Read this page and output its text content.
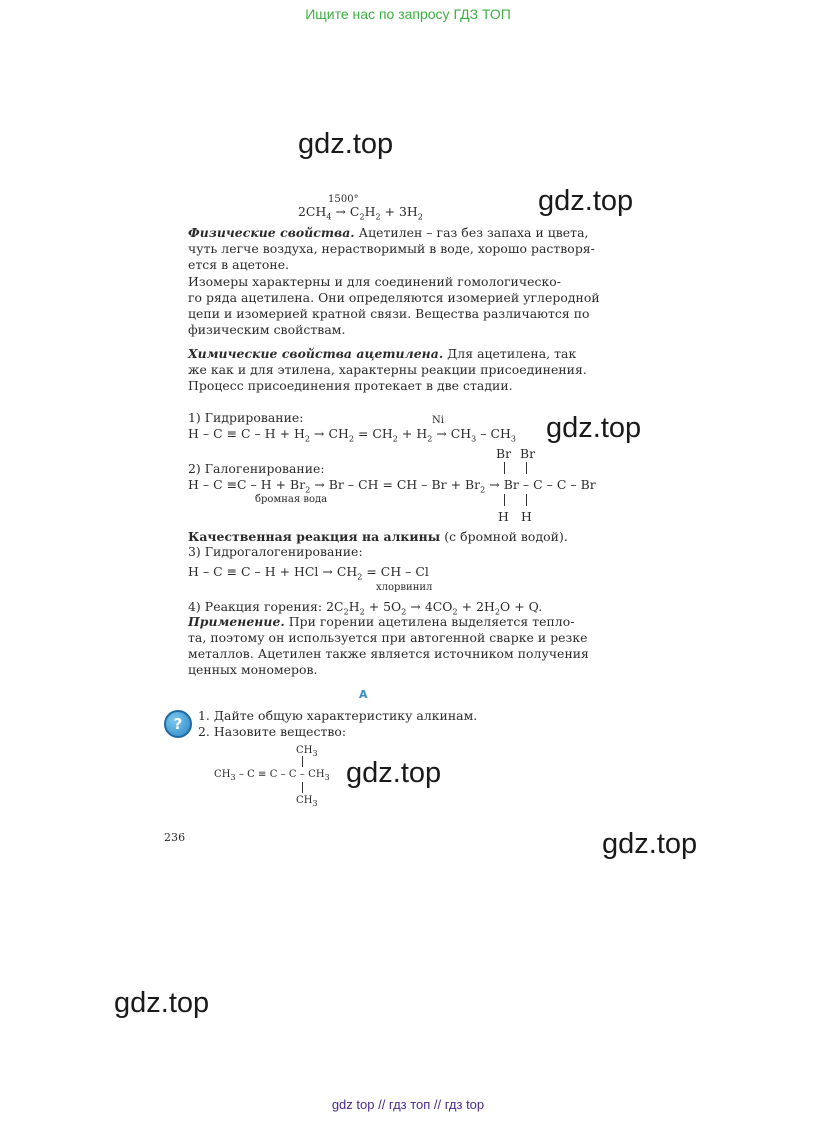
Ищите нас по запросу ГДЗ ТОП
gdz.top
gdz.top
gdz.top
gdz.top
gdz.top
gdz.top
1500°
$2CH_4 \to C_2H_2 + 3H_2$
Физические свойства. Ацетилен – газ без запаха и цвета,
чуть легче воздуха, нерастворимый в воде, хорошо растворя-
ется в ацетоне.
Изомеры характерны и для соединений гомологическо-
го ряда ацетилена. Они определяются изомерией углеродной
цепи и изомерией кратной связи. Вещества различаются по
физическим свойствам.
Химические свойства ацетилена. Для ацетилена, так
же как и для этилена, характерны реакции присоединения.
Процесс присоединения протекает в две стадии.
1) Гидрирование:	Ni
$H - C \equiv C - H + H_2 \to CH_2 = CH_2 + H_2 \to CH_3 - CH_3$
Br Br
2) Галогенирование:
$H - C \equiv C - H + Br_2 \to Br$ – CH = CH – $Br + Br_2 \to Br - C - C - Br$
бромная вода
H H
Качественная реакция на алкины (с бромной водой).
3) Гидрогалогенирование:
H – C ≡ C – H + HCl → $CH_2$ = CH – Cl
хлорвинил
4) Реакция горения: $2C_2H_2 + 5O_2 \to 4CO_2 + 2H_2O + Q$.
Применение. При горении ацетилена выделяется тепло-
та, поэтому он используется при автогенной сварке и резке
металлов. Ацетилен также является источником получения
ценных мономеров.
A
?	1. Дайте общую характеристику алкинам.
2. Назовите вещество:
$CH_3$
$CH_3 - C \equiv C - C - CH_3$
$CH_3$
236
gdz top // гдз топ // гдз top
